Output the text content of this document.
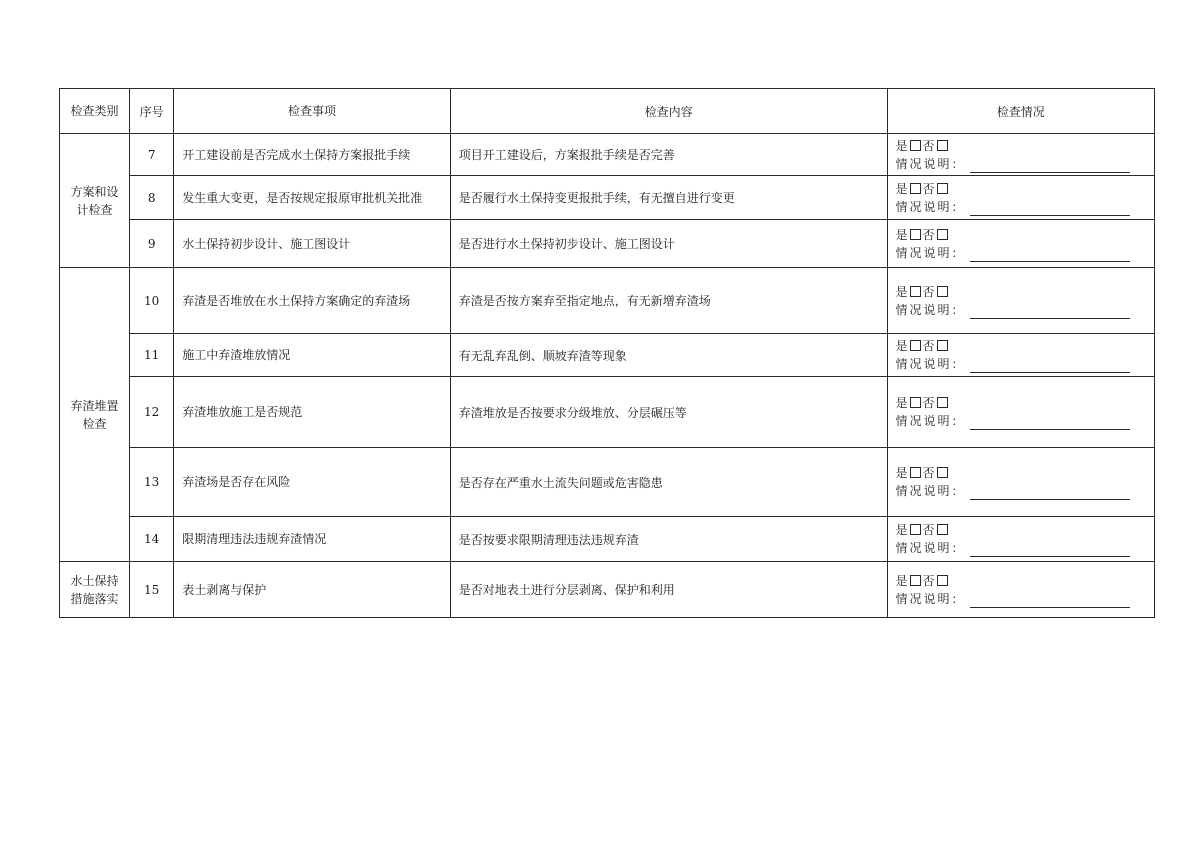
检查类别	序号	检查事项	检查内容	检查情况
方案和设计检查	7	开工建设前是否完成水土保持方案报批手续	项目开工建设后，方案报批手续是否完善	是 否
情况说明：

	8	发生重大变更，是否按规定报原审批机关批准	是否履行水土保持变更报批手续，有无擅自进行变更	是 否
情况说明：

	9	水土保持初步设计、施工图设计	是否进行水土保持初步设计、施工图设计	是 否
情况说明：

弃渣堆置检查	10	弃渣是否堆放在水土保持方案确定的弃渣场	弃渣是否按方案弃至指定地点，有无新增弃渣场	是 否
情况说明：

	11	施工中弃渣堆放情况	有无乱弃乱倒、顺坡弃渣等现象	是 否
情况说明：

	12	弃渣堆放施工是否规范	弃渣堆放是否按要求分级堆放、分层碾压等	是 否
情况说明：

	13	弃渣场是否存在风险	是否存在严重水土流失问题或危害隐患	是 否
情况说明：

	14	限期清理违法违规弃渣情况	是否按要求限期清理违法违规弃渣	是 否
情况说明：

水土保持措施落实	15	表土剥离与保护	是否对地表土进行分层剥离、保护和利用	是 否
情况说明：
